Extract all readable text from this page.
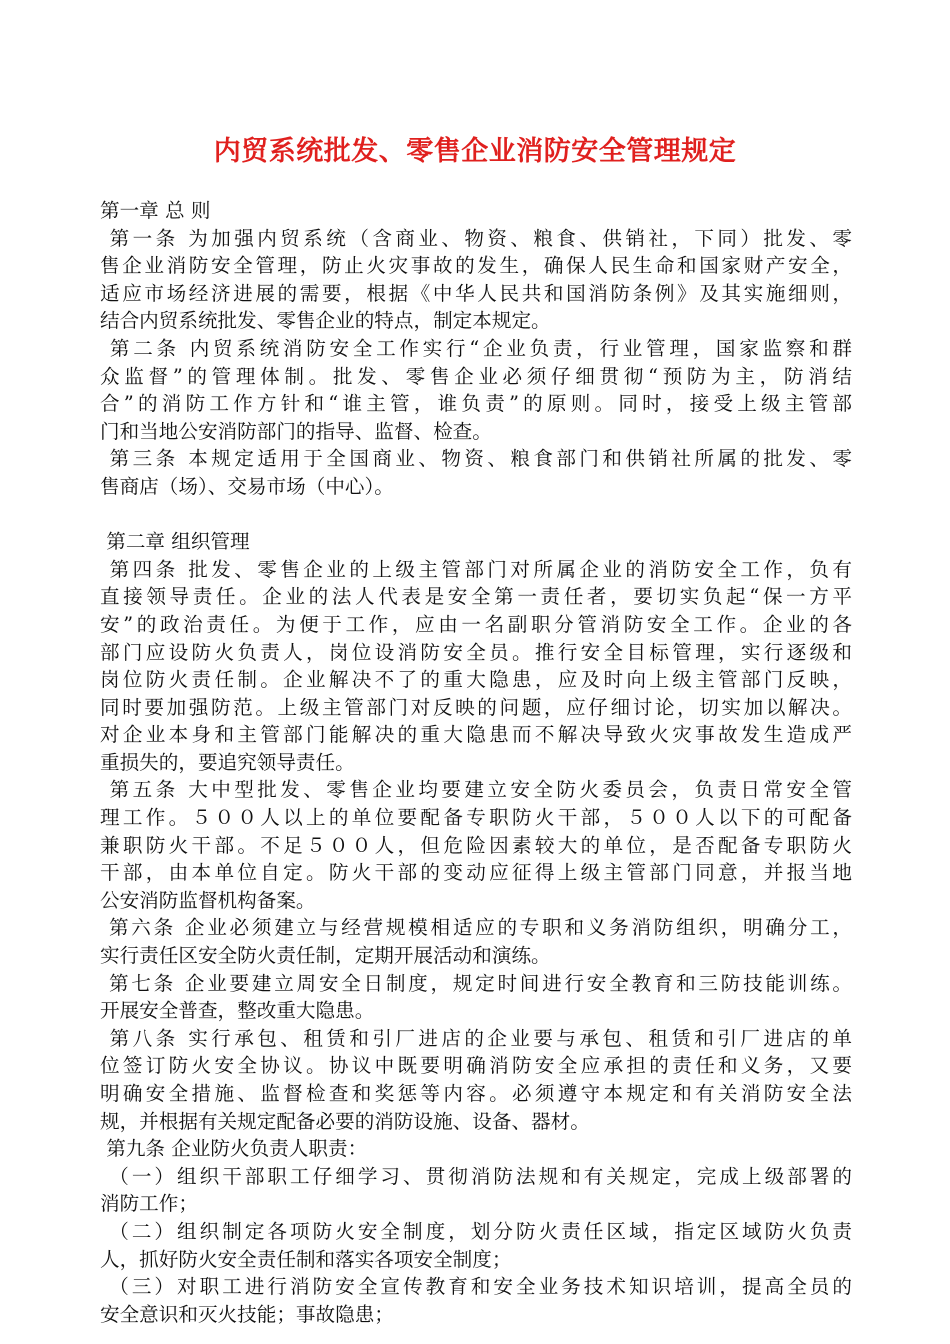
内贸系统批发、零售企业消防安全管理规定
第一章 总 则
第一条 为加强内贸系统（含商业、物资、粮食、供销社，下同）批发、零
售企业消防安全管理，防止火灾事故的发生，确保人民生命和国家财产安全，
适应市场经济进展的需要，根据《中华人民共和国消防条例》及其实施细则，
结合内贸系统批发、零售企业的特点，制定本规定。
第二条 内贸系统消防安全工作实行“企业负责，行业管理，国家监察和群
众监督”的管理体制。批发、零售企业必须仔细贯彻“预防为主，防消结
合”的消防工作方针和“谁主管，谁负责”的原则。同时，接受上级主管部
门和当地公安消防部门的指导、监督、检查。
第三条 本规定适用于全国商业、物资、粮食部门和供销社所属的批发、零
售商店（场）、交易市场（中心）。
第二章 组织管理
第四条 批发、零售企业的上级主管部门对所属企业的消防安全工作，负有
直接领导责任。企业的法人代表是安全第一责任者，要切实负起“保一方平
安”的政治责任。为便于工作，应由一名副职分管消防安全工作。企业的各
部门应设防火负责人，岗位设消防安全员。推行安全目标管理，实行逐级和
岗位防火责任制。企业解决不了的重大隐患，应及时向上级主管部门反映，
同时要加强防范。上级主管部门对反映的问题，应仔细讨论，切实加以解决。
对企业本身和主管部门能解决的重大隐患而不解决导致火灾事故发生造成严
重损失的，要追究领导责任。
第五条 大中型批发、零售企业均要建立安全防火委员会，负责日常安全管
理工作。５００人以上的单位要配备专职防火干部，５００人以下的可配备
兼职防火干部。不足５００人，但危险因素较大的单位，是否配备专职防火
干部，由本单位自定。防火干部的变动应征得上级主管部门同意，并报当地
公安消防监督机构备案。
第六条 企业必须建立与经营规模相适应的专职和义务消防组织，明确分工，
实行责任区安全防火责任制，定期开展活动和演练。
第七条 企业要建立周安全日制度，规定时间进行安全教育和三防技能训练。
开展安全普查，整改重大隐患。
第八条 实行承包、租赁和引厂进店的企业要与承包、租赁和引厂进店的单
位签订防火安全协议。协议中既要明确消防安全应承担的责任和义务，又要
明确安全措施、监督检查和奖惩等内容。必须遵守本规定和有关消防安全法
规，并根据有关规定配备必要的消防设施、设备、器材。
第九条 企业防火负责人职责：
（一）组织干部职工仔细学习、贯彻消防法规和有关规定，完成上级部署的
消防工作；
（二）组织制定各项防火安全制度，划分防火责任区域，指定区域防火负责
人，抓好防火安全责任制和落实各项安全制度；
（三）对职工进行消防安全宣传教育和安全业务技术知识培训，提高全员的
安全意识和灭火技能；事故隐患；
